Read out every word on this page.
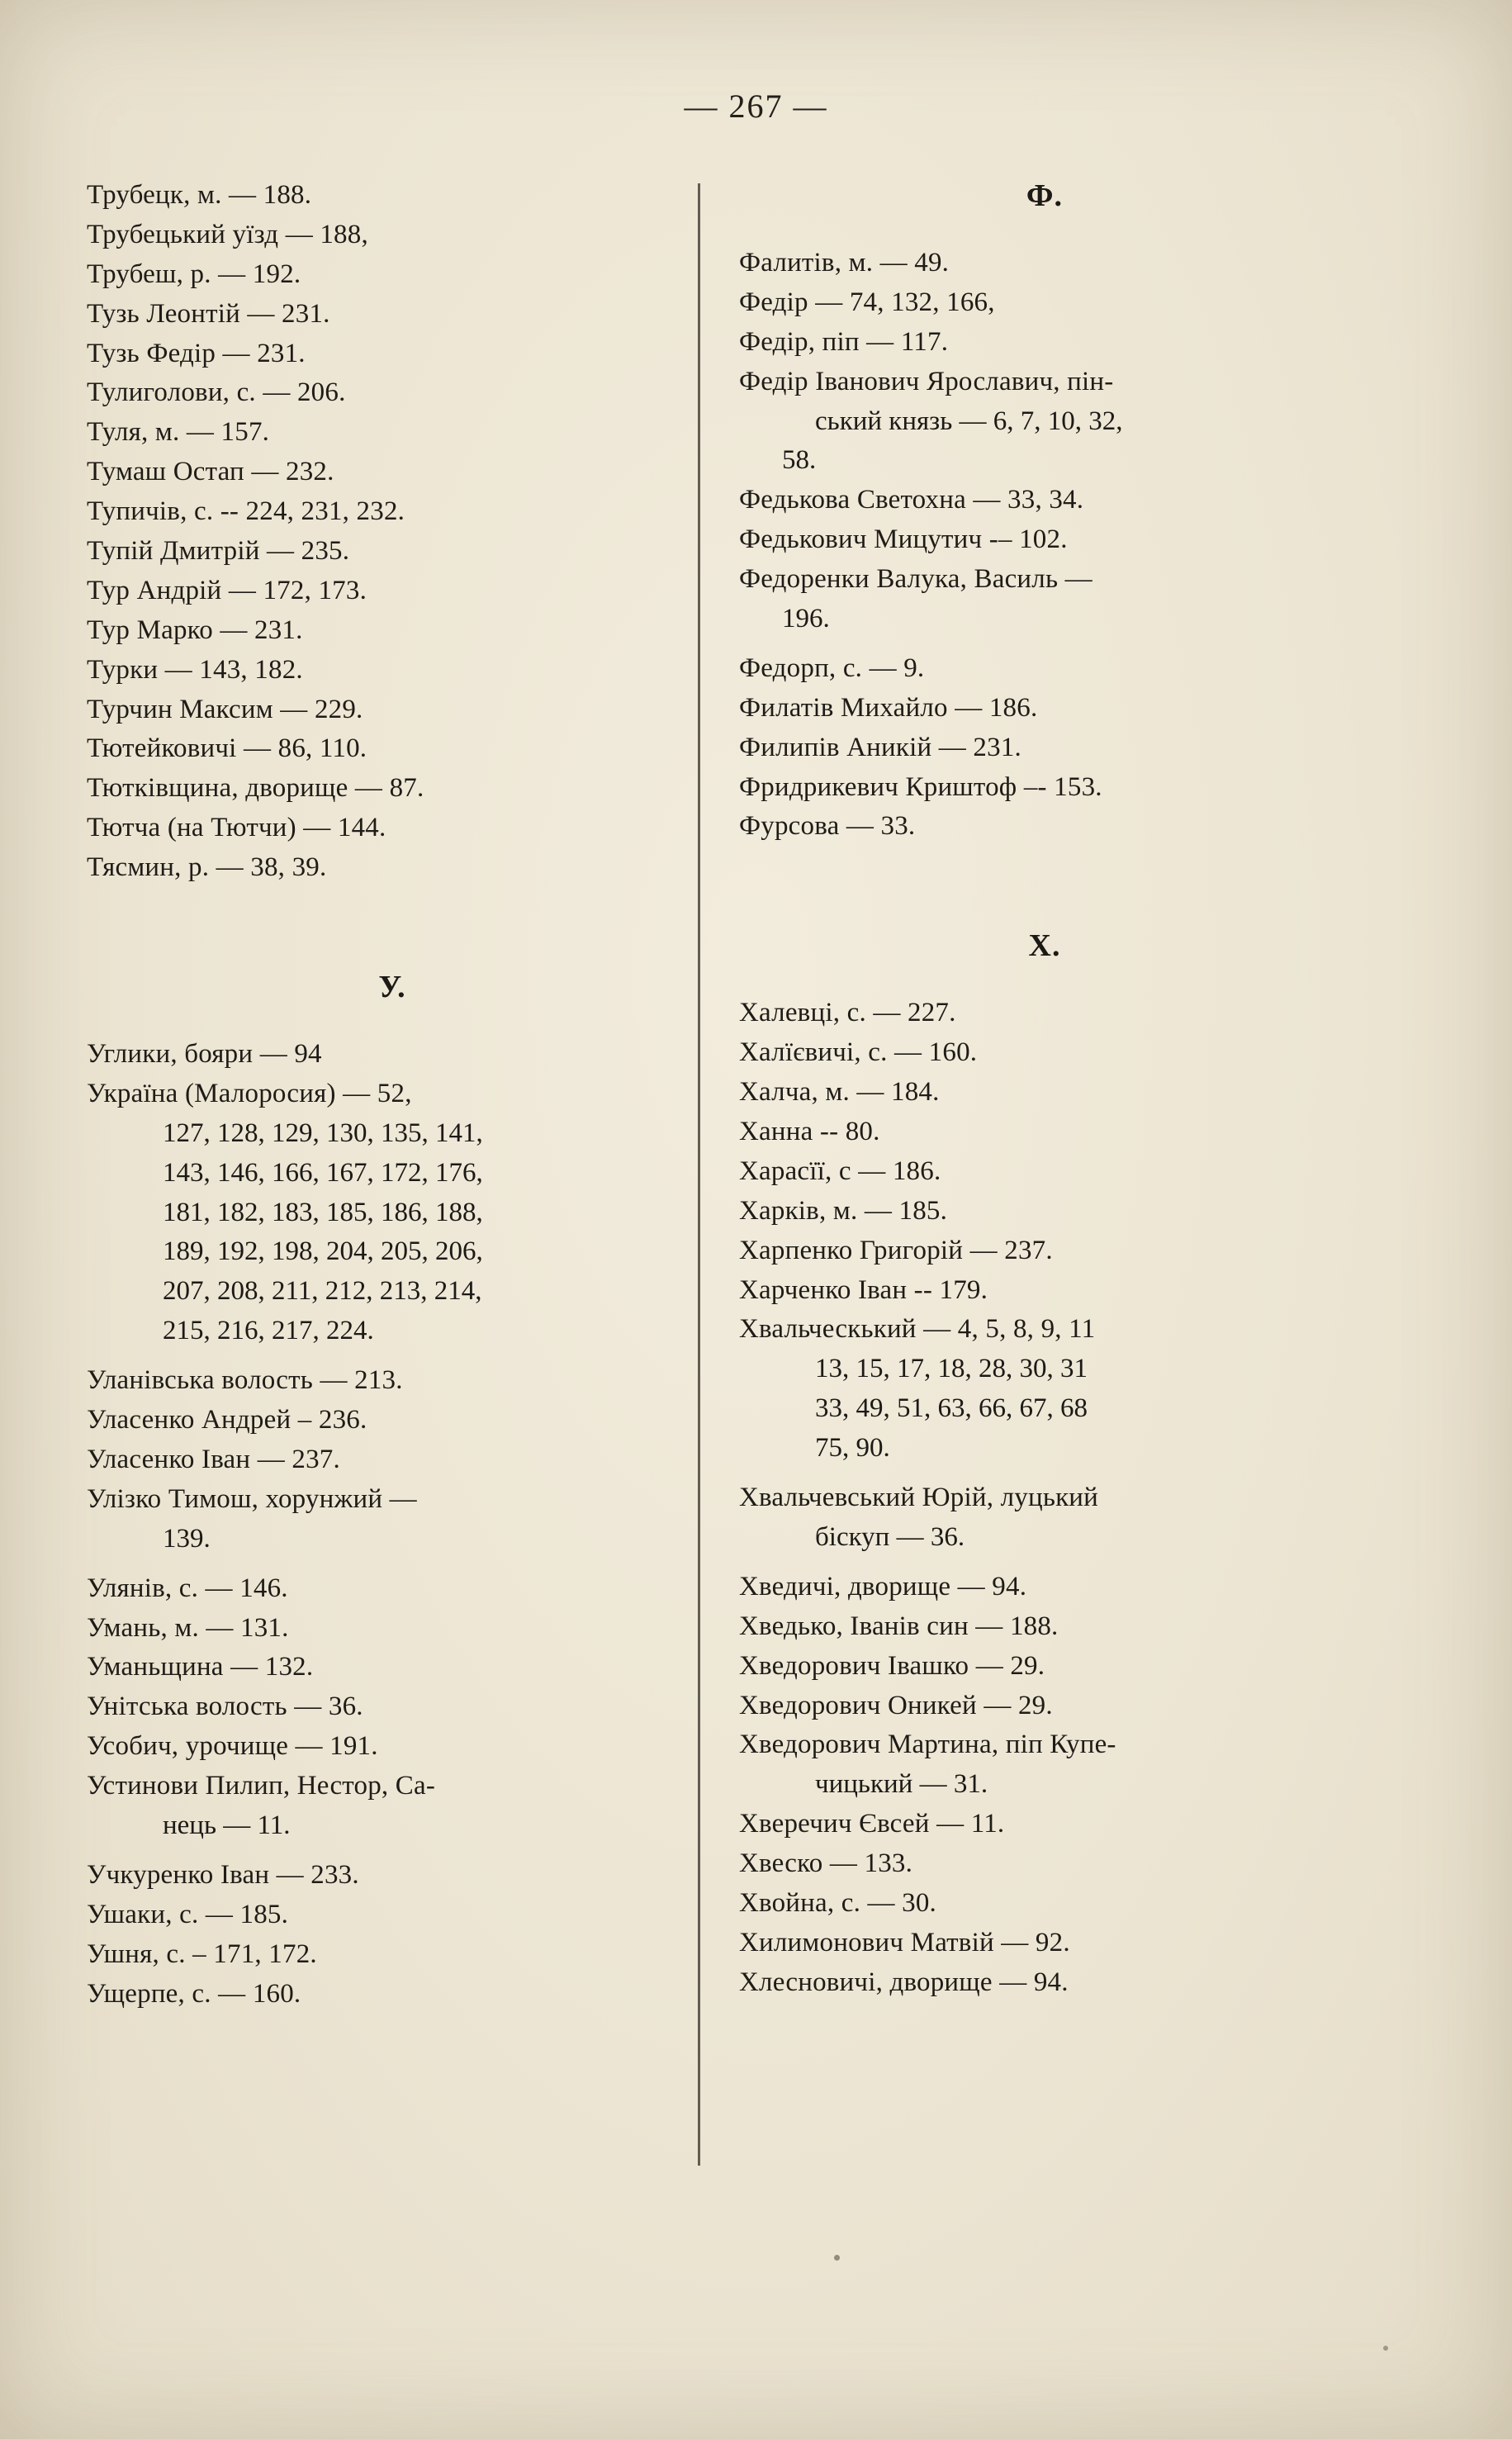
— 267 —
Трубецк, м. — 188.
Трубецький уїзд — 188,
Трубеш, р. — 192.
Тузь Леонтій — 231.
Тузь Федір — 231.
Тулиголови, с. — 206.
Туля, м. — 157.
Тумаш Остап — 232.
Тупичів, с. -- 224, 231, 232.
Тупій Дмитрій — 235.
Тур Андрій — 172, 173.
Тур Марко — 231.
Турки — 143, 182.
Турчин Максим — 229.
Тютейковичі — 86, 110.
Тютківщина, дворище — 87.
Тютча (на Тютчи) — 144.
Тясмин, р. — 38, 39.
У.
Углики, бояри — 94
Україна (Малоросия) — 52,
127, 128, 129, 130, 135, 141,
143, 146, 166, 167, 172, 176,
181, 182, 183, 185, 186, 188,
189, 192, 198, 204, 205, 206,
207, 208, 211, 212, 213, 214,
215, 216, 217, 224.
Уланівська волость — 213.
Уласенко Андрей – 236.
Уласенко Іван — 237.
Улізко Тимош, хорунжий —
139.
Улянів, с. — 146.
Умань, м. — 131.
Уманьщина — 132.
Унітська волость — 36.
Усобич, урочище — 191.
Устинови Пилип, Нестор, Са-
нець — 11.
Учкуренко Іван — 233.
Ушаки, с. — 185.
Ушня, с. – 171, 172.
Ущерпе, с. — 160.
Ф.
Фалитів, м. — 49.
Федір — 74, 132, 166,
Федір, піп — 117.
Федір Іванович Ярославич, пін-
ський князь — 6, 7, 10, 32,
58.
Федькова Светохна — 33, 34.
Федькович Мицутич -– 102.
Федоренки Валука, Василь —
196.
Федорп, с. — 9.
Филатів Михайло — 186.
Филипів Аникій — 231.
Фридрикевич Криштоф –- 153.
Фурсова — 33.
X.
Халевці, с. — 227.
Халїєвичі, с. — 160.
Халча, м. — 184.
Ханна -- 80.
Харасїї, с — 186.
Харків, м. — 185.
Харпенко Григорій — 237.
Харченко Іван -- 179.
Хвальческький — 4, 5, 8, 9, 11
13, 15, 17, 18, 28, 30, 31
33, 49, 51, 63, 66, 67, 68
75, 90.
Хвальчевський Юрій, луцький
біскуп — 36.
Хведичі, дворище — 94.
Хведько, Іванів син — 188.
Хведорович Івашко — 29.
Хведорович Оникей — 29.
Хведорович Мартина, піп Купе-
чицький — 31.
Хверечич Євсей — 11.
Хвеско — 133.
Хвойна, с. — 30.
Хилимонович Матвій — 92.
Хлесновичі, дворище — 94.
